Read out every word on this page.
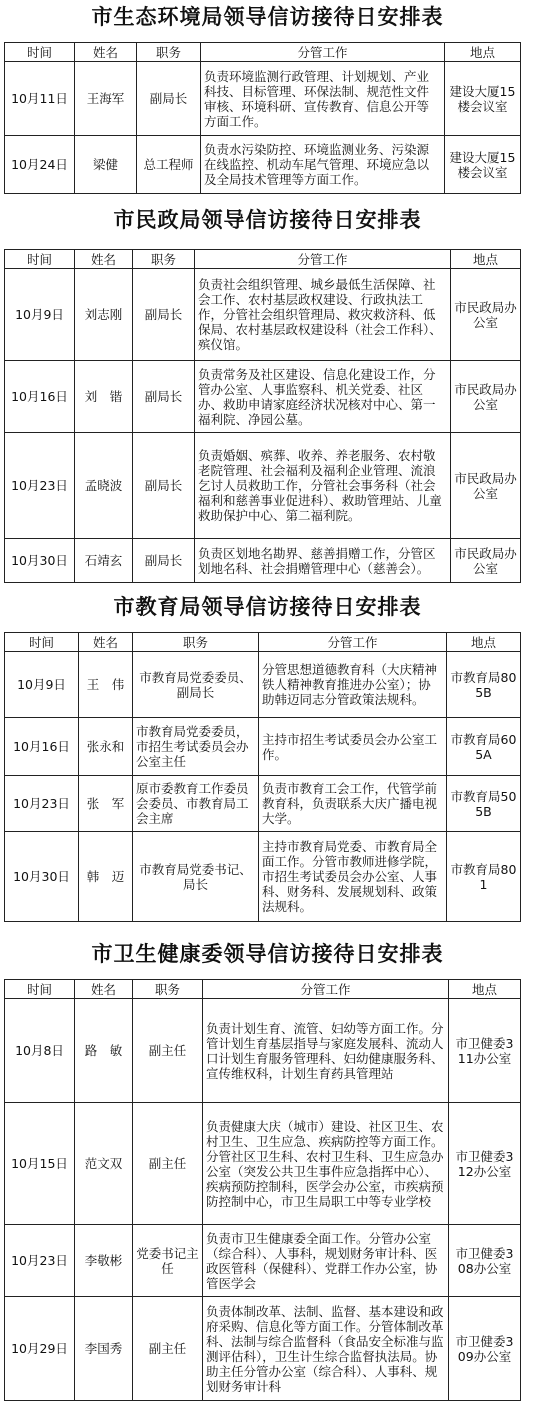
市生态环境局领导信访接待日安排表
时间	姓名	职务	分管工作	地点
10月11日	王海军	副局长	负责环境监测行政管理、计划规划、产业科技、目标管理、环保法制、规范性文件审核、环境科研、宣传教育、信息公开等方面工作。	建设大厦15楼会议室
10月24日	梁健	总工程师	负责水污染防控、环境监测业务、污染源在线监控、机动车尾气管理、环境应急以及全局技术管理等方面工作。	建设大厦15楼会议室
市民政局领导信访接待日安排表
时间	姓名	职务	分管工作	地点
10月9日	刘志刚	副局长	负责社会组织管理、城乡最低生活保障、社会工作、农村基层政权建设、行政执法工作，分管社会组织管理局、救灾救济科、低保局、农村基层政权建设科（社会工作科）、殡仪馆。	市民政局办公室
10月16日	刘　锴	副局长	负责常务及社区建设、信息化建设工作，分管办公室、人事监察科、机关党委、社区办、救助申请家庭经济状况核对中心、第一福利院、净园公墓。	市民政局办公室
10月23日	孟晓波	副局长	负责婚姻、殡葬、收养、养老服务、农村敬老院管理、社会福利及福利企业管理、流浪乞讨人员救助工作，分管社会事务科（社会福利和慈善事业促进科）、救助管理站、儿童救助保护中心、第二福利院。	市民政局办公室
10月30日	石靖玄	副局长	负责区划地名勘界、慈善捐赠工作，分管区划地名科、社会捐赠管理中心（慈善会）。	市民政局办公室
市教育局领导信访接待日安排表
时间	姓名	职务	分管工作	地点
10月9日	王　伟	市教育局党委委员、副局长	分管思想道德教育科（大庆精神铁人精神教育推进办公室）；协助韩迈同志分管政策法规科。	市教育局805B
10月16日	张永和	市教育局党委委员，市招生考试委员会办公室主任	主持市招生考试委员会办公室工作。	市教育局605A
10月23日	张　军	原市委教育工作委员会委员、市教育局工会主席	负责市教育工会工作，代管学前教育科，负责联系大庆广播电视大学。	市教育局505B
10月30日	韩　迈	市教育局党委书记、局长	主持市教育局党委、市教育局全面工作。分管市教师进修学院，市招生考试委员会办公室、人事科、财务科、发展规划科、政策法规科。	市教育局801
市卫生健康委领导信访接待日安排表
时间	姓名	职务	分管工作	地点
10月8日	路　敏	副主任	负责计划生育、流管、妇幼等方面工作。分管计划生育基层指导与家庭发展科、流动人口计划生育服务管理科、妇幼健康服务科、宣传维权科，计划生育药具管理站	市卫健委311办公室
10月15日	范文双	副主任	负责健康大庆（城市）建设、社区卫生、农村卫生、卫生应急、疾病防控等方面工作。分管社区卫生科、农村卫生科、卫生应急办公室（突发公共卫生事件应急指挥中心）、疾病预防控制科，医学会办公室，市疾病预防控制中心，市卫生局职工中等专业学校	市卫健委312办公室
10月23日	李敬彬	党委书记主任	负责市卫生健康委全面工作。分管办公室（综合科）、人事科，规划财务审计科、医政医管科（保健科）、党群工作办公室，协管医学会	市卫健委308办公室
10月29日	李国秀	副主任	负责体制改革、法制、监督、基本建设和政府采购、信息化等方面工作。分管体制改革科、法制与综合监督科（食品安全标准与监测评估科），卫生计生综合监督执法局。协助主任分管办公室（综合科）、人事科、规划财务审计科	市卫健委309办公室
